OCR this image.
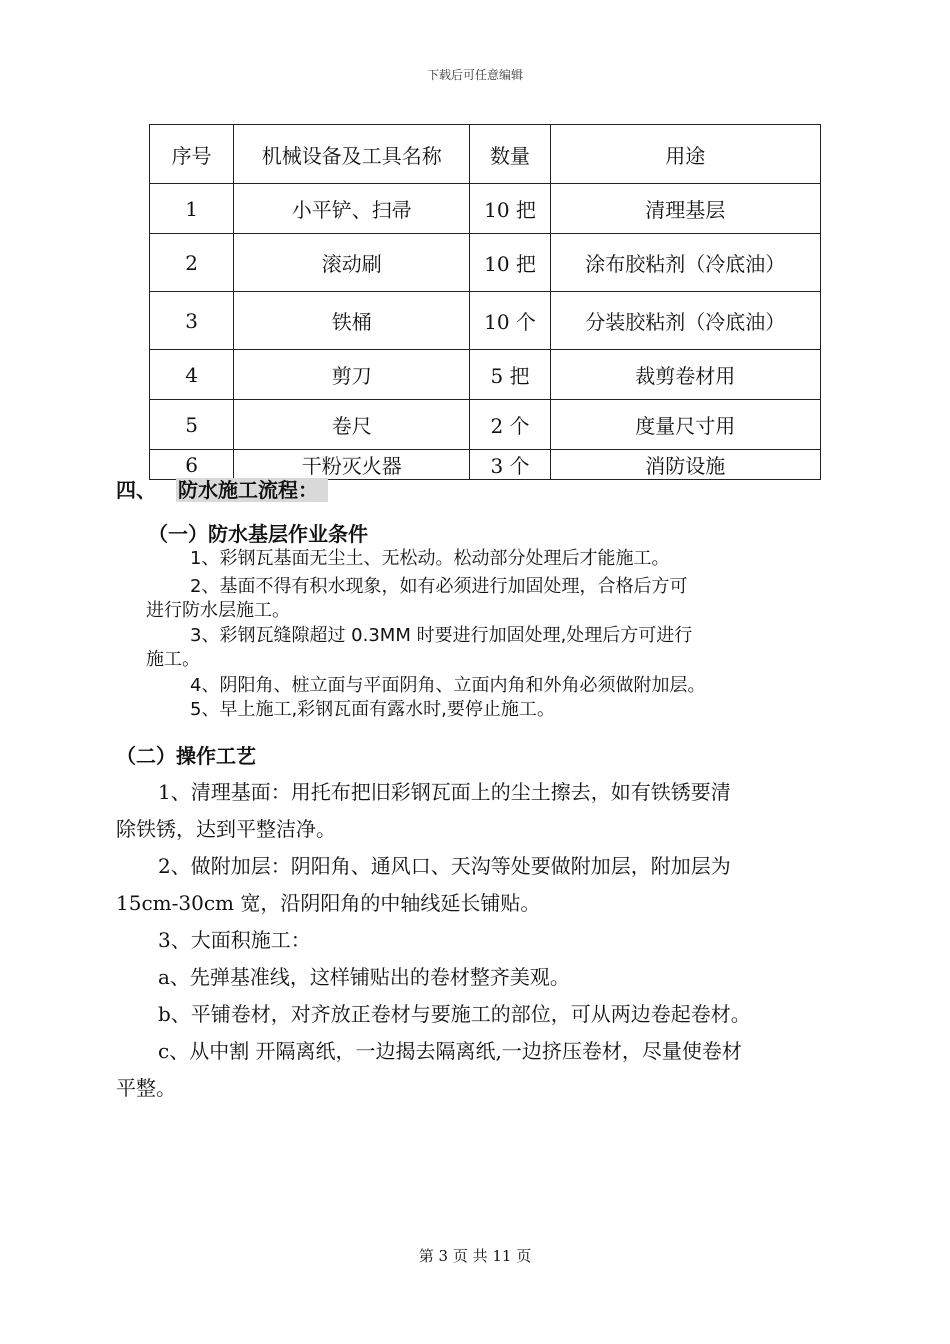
下载后可任意编辑
序号	机械设备及工具名称	数量	用途
1	小平铲、扫帚	10 把	清理基层
2	滚动刷	10 把	涂布胶粘剂（冷底油）
3	铁桶	10 个	分装胶粘剂（冷底油）
4	剪刀	5 把	裁剪卷材用
5	卷尺	2 个	度量尺寸用
6	干粉灭火器	3 个	消防设施
四、 防水施工流程：
（一）防水基层作业条件
1、彩钢瓦基面无尘土、无松动。松动部分处理后才能施工。
2、基面不得有积水现象，如有必须进行加固处理，合格后方可
进行防水层施工。
3、彩钢瓦缝隙超过 0.3MM 时要进行加固处理,处理后方可进行
施工。
4、阴阳角、桩立面与平面阴角、立面内角和外角必须做附加层。
5、早上施工,彩钢瓦面有露水时,要停止施工。
（二）操作工艺
1、清理基面：用托布把旧彩钢瓦面上的尘土擦去，如有铁锈要清
除铁锈，达到平整洁净。
2、做附加层：阴阳角、通风口、天沟等处要做附加层，附加层为
15cm-30cm 宽，沿阴阳角的中轴线延长铺贴。
3、大面积施工：
a、先弹基准线，这样铺贴出的卷材整齐美观。
b、平铺卷材，对齐放正卷材与要施工的部位，可从两边卷起卷材。
c、从中割 开隔离纸，一边揭去隔离纸,一边挤压卷材，尽量使卷材
平整。
第 3 页 共 11 页
